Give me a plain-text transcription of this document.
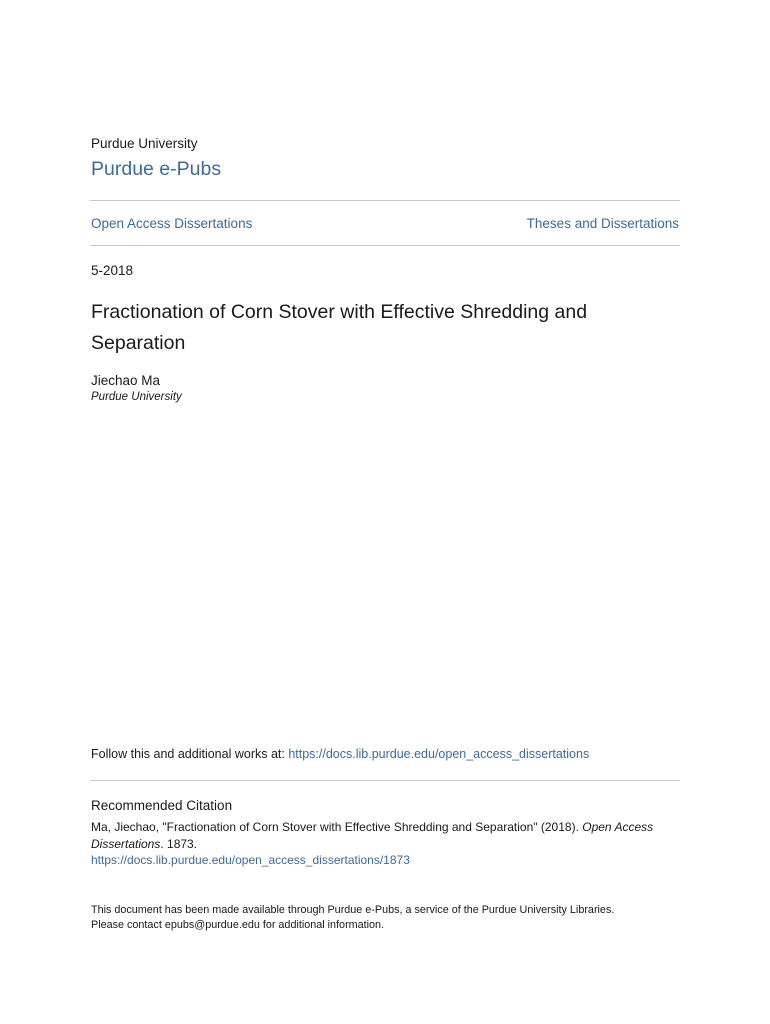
Purdue University
Purdue e-Pubs
Open Access Dissertations	Theses and Dissertations
5-2018
Fractionation of Corn Stover with Effective Shredding and Separation
Jiechao Ma
Purdue University
Follow this and additional works at: https://docs.lib.purdue.edu/open_access_dissertations
Recommended Citation
Ma, Jiechao, "Fractionation of Corn Stover with Effective Shredding and Separation" (2018). Open Access Dissertations. 1873.
https://docs.lib.purdue.edu/open_access_dissertations/1873
This document has been made available through Purdue e-Pubs, a service of the Purdue University Libraries.
Please contact epubs@purdue.edu for additional information.
